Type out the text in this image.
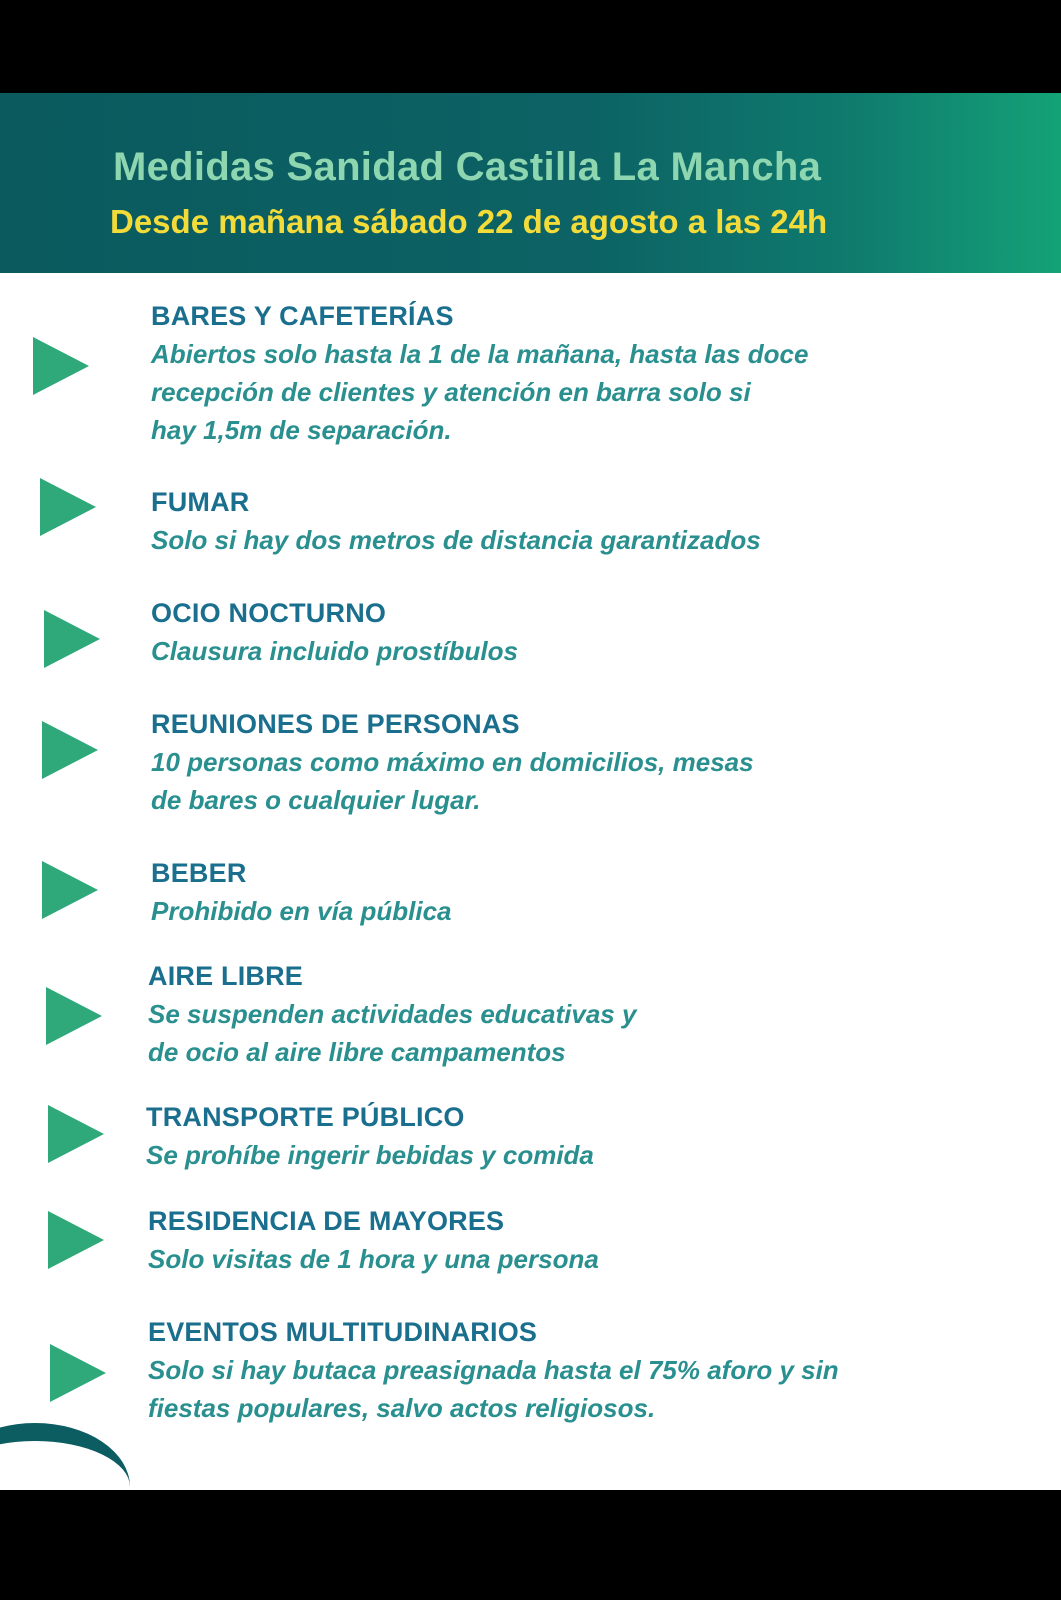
Medidas Sanidad Castilla La Mancha
Desde mañana sábado 22 de agosto a las 24h
BARES Y CAFETERÍAS
Abiertos solo hasta la 1 de la mañana, hasta las doce
recepción de clientes y atención en barra solo si
hay 1,5m de separación.
FUMAR
Solo si hay dos metros de distancia garantizados
OCIO NOCTURNO
Clausura incluido prostíbulos
REUNIONES DE PERSONAS
10 personas como máximo en domicilios, mesas
de bares o cualquier lugar.
BEBER
Prohibido en vía pública
AIRE LIBRE
Se suspenden actividades educativas y
de ocio al aire libre campamentos
TRANSPORTE PÚBLICO
Se prohíbe ingerir bebidas y comida
RESIDENCIA DE MAYORES
Solo visitas de 1 hora y una persona
EVENTOS MULTITUDINARIOS
Solo si hay butaca preasignada hasta el 75% aforo y sin
fiestas populares, salvo actos religiosos.
